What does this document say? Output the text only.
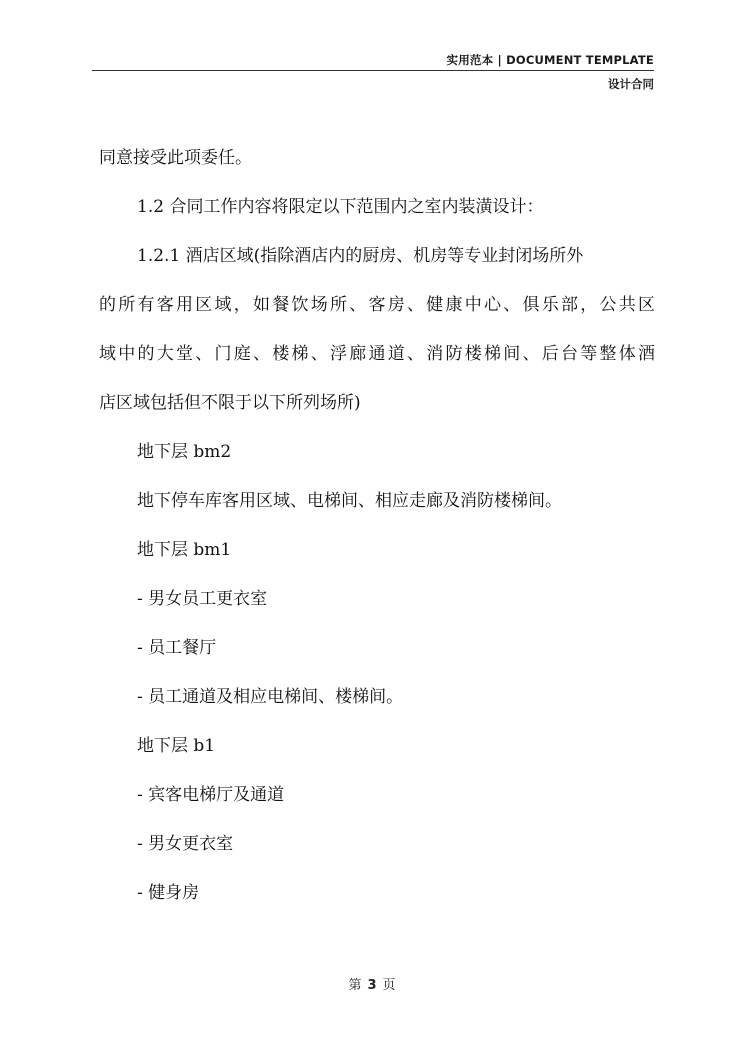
实用范本 | DOCUMENT TEMPLATE
设计合同

同意接受此项委任。

1.2 合同工作内容将限定以下范围内之室内装潢设计：

1.2.1 酒店区域(指除酒店内的厨房、机房等专业封闭场所外

的所有客用区域，如餐饮场所、客房、健康中心、俱乐部，公共区

域中的大堂、门庭、楼梯、浮廊通道、消防楼梯间、后台等整体酒

店区域包括但不限于以下所列场所)

地下层 bm2

地下停车库客用区域、电梯间、相应走廊及消防楼梯间。

地下层 bm1

- 男女员工更衣室

- 员工餐厅

- 员工通道及相应电梯间、楼梯间。

地下层 b1

- 宾客电梯厅及通道

- 男女更衣室

- 健身房

第 3 页
